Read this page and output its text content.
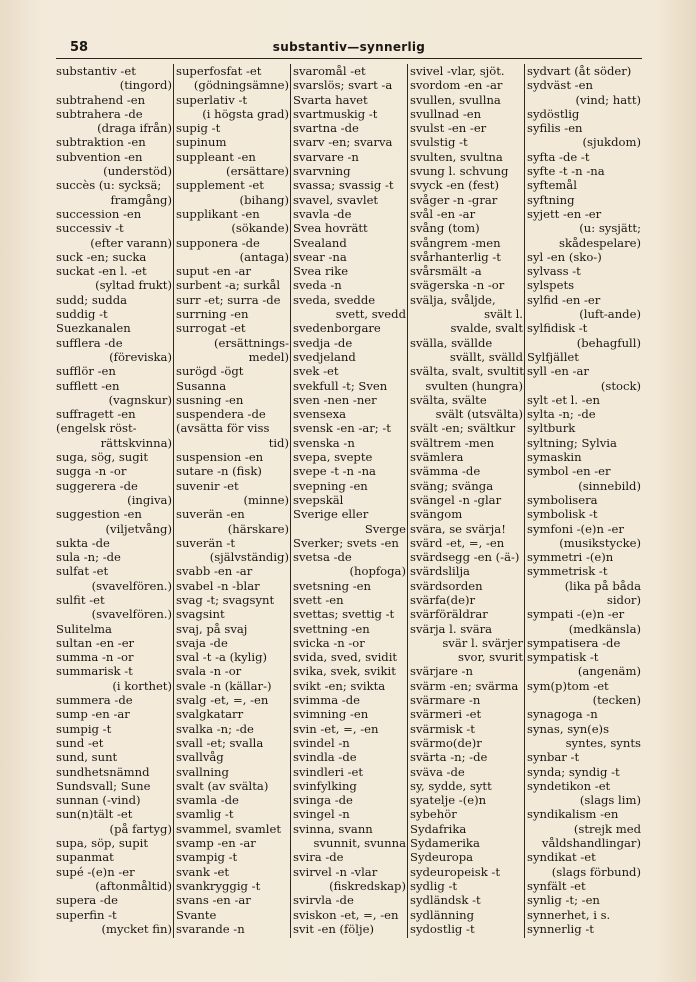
58	substantiv—synnerlig
substantiv -et
(tingord)
subtrahend -en
subtrahera -de
(draga ifrån)
subtraktion -en
subvention -en
(understöd)
succès (u: sycksä;
framgång)
succession -en
successiv -t
(efter varann)
suck -en; sucka
suckat -en l. -et
(syltad frukt)
sudd; sudda
suddig -t
Suezkanalen
sufflera -de
(föreviska)
sufflör -en
sufflett -en
(vagnskur)
suffragett -en
(engelsk röst-
rättskvinna)
suga, sög, sugit
sugga -n -or
suggerera -de
(ingiva)
suggestion -en
(viljetvång)
sukta -de
sula -n; -de
sulfat -et
(svavelfören.)
sulfit -et
(svavelfören.)
Sulitelma
sultan -en -er
summa -n -or
summarisk -t
(i korthet)
summera -de
sump -en -ar
sumpig -t
sund -et
sund, sunt
sundhetsnämnd
Sundsvall; Sune
sunnan (-vind)
sun(n)tält -et
(på fartyg)
supa, söp, supit
supanmat
supé -(e)n -er
(aftonmåltid)
supera -de
superfin -t
(mycket fin)
superfosfat -et
(gödningsämne)
superlativ -t
(i högsta grad)
supig -t
supinum
suppleant -en
(ersättare)
supplement -et
(bihang)
supplikant -en
(sökande)
supponera -de
(antaga)
suput -en -ar
surbent -a; surkål
surr -et; surra -de
surrning -en
surrogat -et
(ersättnings-
medel)
surögd -ögt
Susanna
susning -en
suspendera -de
(avsätta för viss
tid)
suspension -en
sutare -n (fisk)
suvenir -et
(minne)
suverän -en
(härskare)
suverän -t
(självständig)
svabb -en -ar
svabel -n -blar
svag -t; svagsynt
svagsint
svaj, på svaj
svaja -de
sval -t -a (kylig)
svala -n -or
svale -n (källar-)
svalg -et, =, -en
svalgkatarr
svalka -n; -de
svall -et; svalla
svallvåg
svallning
svalt (av svälta)
svamla -de
svamlig -t
svammel, svamlet
svamp -en -ar
svampig -t
svank -et
svankryggig -t
svans -en -ar
Svante
svarande -n
svaromål -et
svarslös; svart -a
Svarta havet
svartmuskig -t
svartna -de
svarv -en; svarva
svarvare -n
svarvning
svassa; svassig -t
svavel, svavlet
svavla -de
Svea hovrätt
Svealand
svear -na
Svea rike
sveda -n
sveda, svedde
svett, svedd
svedenborgare
svedja -de
svedjeland
svek -et
svekfull -t; Sven
sven -nen -ner
svensexa
svensk -en -ar; -t
svenska -n
svepa, svepte
svepe -t -n -na
svepning -en
svepskäl
Sverige eller
Sverge
Sverker; svets -en
svetsa -de
(hopfoga)
svetsning -en
svett -en
svettas; svettig -t
svettning -en
svicka -n -or
svida, sved, svidit
svika, svek, svikit
svikt -en; svikta
svimma -de
svimning -en
svin -et, =, -en
svindel -n
svindla -de
svindleri -et
svinfylking
svinga -de
svingel -n
svinna, svann
svunnit, svunna
svira -de
svirvel -n -vlar
(fiskredskap)
svirvla -de
sviskon -et, =, -en
svit -en (följe)
svivel -vlar, sjöt.
svordom -en -ar
svullen, svullna
svullnad -en
svulst -en -er
svulstig -t
svulten, svultna
svung l. schvung
svyck -en (fest)
svåger -n -grar
svål -en -ar
svång (tom)
svångrem -men
svårhanterlig -t
svårsmält -a
svägerska -n -or
svälja, svåljde,
svält l.
svalde, svalt
svälla, svällde
svällt, svälld
svälta, svalt, svultit
svulten (hungra)
svälta, svälte
svält (utsvälta)
svält -en; svältkur
svältrem -men
svämlera
svämma -de
sväng; svänga
svängel -n -glar
svängom
svära, se svärja!
svärd -et, =, -en
svärdsegg -en (-ä-)
svärdslilja
svärdsorden
svärfa(de)r
svärföräldrar
svärja l. svära
svär l. svärjer
svor, svurit
svärjare -n
svärm -en; svärma
svärmare -n
svärmeri -et
svärmisk -t
svärmo(de)r
svärta -n; -de
sväva -de
sy, sydde, sytt
syatelje -(e)n
sybehör
Sydafrika
Sydamerika
Sydeuropa
sydeuropeisk -t
sydlig -t
sydländsk -t
sydlänning
sydostlig -t
sydvart (åt söder)
sydväst -en
(vind; hatt)
sydöstlig
syfilis -en
(sjukdom)
syfta -de -t
syfte -t -n -na
syftemål
syftning
syjett -en -er
(u: sysjätt;
skådespelare)
syl -en (sko-)
sylvass -t
sylspets
sylfid -en -er
(luft-ande)
sylfidisk -t
(behagfull)
Sylfjället
syll -en -ar
(stock)
sylt -et l. -en
sylta -n; -de
syltburk
syltning; Sylvia
symaskin
symbol -en -er
(sinnebild)
symbolisera
symbolisk -t
symfoni -(e)n -er
(musikstycke)
symmetri -(e)n
symmetrisk -t
(lika på båda
sidor)
sympati -(e)n -er
(medkänsla)
sympatisera -de
sympatisk -t
(angenäm)
sym(p)tom -et
(tecken)
synagoga -n
synas, syn(e)s
syntes, synts
synbar -t
synda; syndig -t
syndetikon -et
(slags lim)
syndikalism -en
(strejk med
våldshandlingar)
syndikat -et
(slags förbund)
synfält -et
synlig -t; -en
synnerhet, i s.
synnerlig -t
